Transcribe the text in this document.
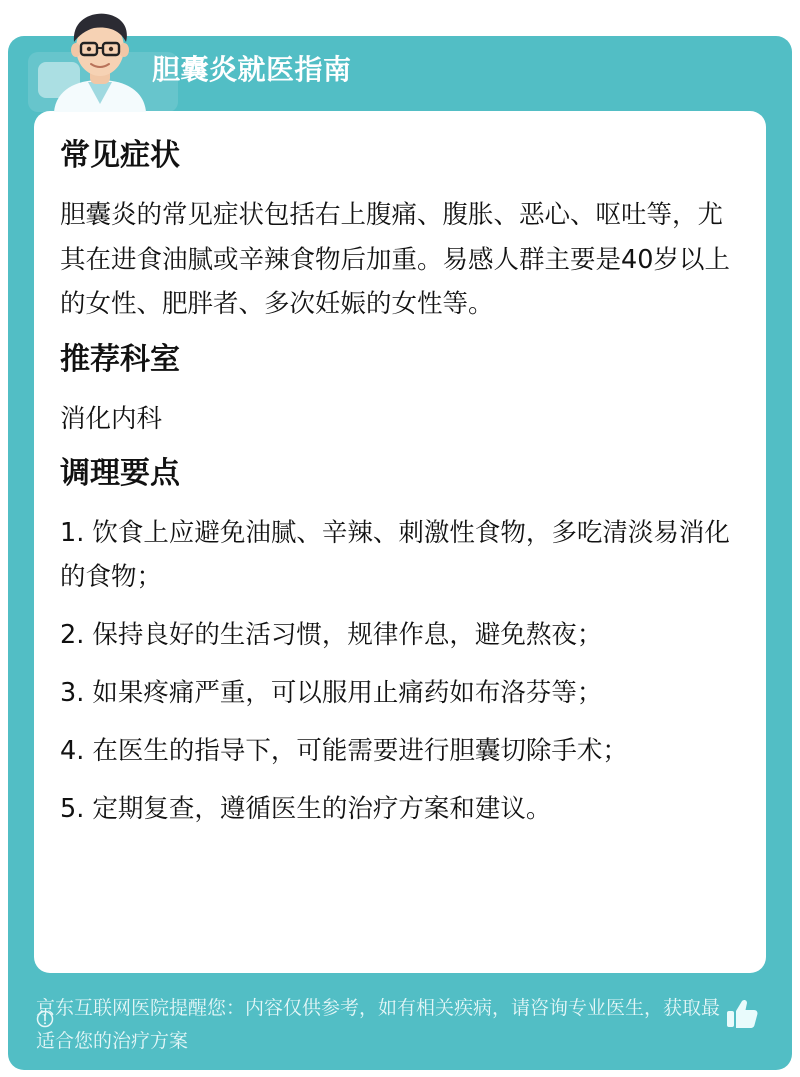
胆囊炎就医指南
常见症状
胆囊炎的常见症状包括右上腹痛、腹胀、恶心、呕吐等，尤其在进食油腻或辛辣食物后加重。易感人群主要是40岁以上的女性、肥胖者、多次妊娠的女性等。
推荐科室
消化内科
调理要点
1. 饮食上应避免油腻、辛辣、刺激性食物，多吃清淡易消化的食物；
2. 保持良好的生活习惯，规律作息，避免熬夜；
3. 如果疼痛严重，可以服用止痛药如布洛芬等；
4. 在医生的指导下，可能需要进行胆囊切除手术；
5. 定期复查，遵循医生的治疗方案和建议。
京东互联网医院提醒您：内容仅供参考，如有相关疾病，请咨询专业医生，获取最适合您的治疗方案
